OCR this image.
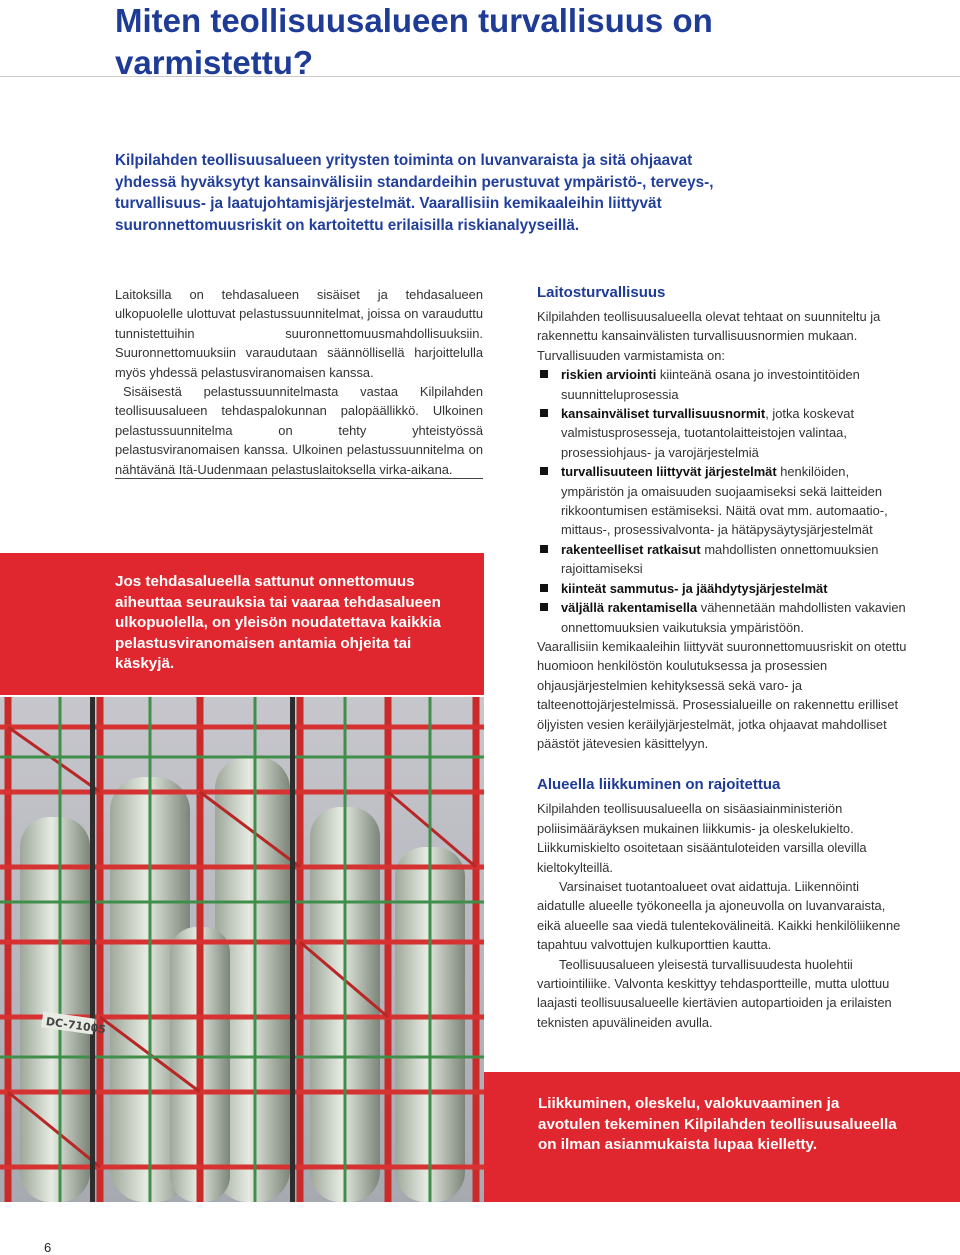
Miten teollisuusalueen turvallisuus on varmistettu?

Kilpilahden teollisuusalueen yritysten toiminta on luvanvaraista ja sitä ohjaavat yhdessä hyväksytyt kansainvälisiin standardeihin perustuvat ympäristö-, terveys-, turvallisuus- ja laatujohtamisjärjestelmät. Vaarallisiin kemikaaleihin liittyvät suuronnettomuusriskit on kartoitettu erilaisilla riskianalyyseillä.

Laitoksilla on tehdasalueen sisäiset ja tehdasalueen ulkopuolelle ulottuvat pelastussuunnitelmat, joissa on varauduttu tunnistettuihin suuronnettomuusmahdollisuuksiin. Suuronnettomuuksiin varaudutaan säännöllisellä harjoittelulla myös yhdessä pelastusviranomaisen kanssa.

Sisäisestä pelastussuunnitelmasta vastaa Kilpilahden teollisuusalueen tehdaspalokunnan palopäällikkö. Ulkoinen pelastussuunnitelma on tehty yhteistyössä pelastusviranomaisen kanssa. Ulkoinen pelastussuunnitelma on nähtävänä Itä-Uudenmaan pelastuslaitoksella virka-aikana.

Jos tehdasalueella sattunut onnettomuus aiheuttaa seurauksia tai vaaraa tehdasalueen ulkopuolella, on yleisön noudatettava kaikkia pelastusviranomaisen antamia ohjeita tai käskyjä.

DC-71005
Laitosturvallisuus

Kilpilahden teollisuusalueella olevat tehtaat on suunniteltu ja rakennettu kansainvälisten turvallisuusnormien mukaan. Turvallisuuden varmistamista on:

riskien arviointi kiinteänä osana jo investointitöiden suunnitteluprosessia
kansainväliset turvallisuusnormit, jotka koskevat valmistusprosesseja, tuotantolaitteistojen valintaa, prosessiohjaus- ja varojärjestelmiä
turvallisuuteen liittyvät järjestelmät henkilöiden, ympäristön ja omaisuuden suojaamiseksi sekä laitteiden rikkoontumisen estämiseksi. Näitä ovat mm. automaatio-, mittaus-, prosessivalvonta- ja hätäpysäytysjärjestelmät
rakenteelliset ratkaisut mahdollisten onnettomuuksien rajoittamiseksi
kiinteät sammutus- ja jäähdytysjärjestelmät
väljällä rakentamisella vähennetään mahdollisten vakavien onnettomuuksien vaikutuksia ympäristöön.

Vaarallisiin kemikaaleihin liittyvät suuronnettomuusriskit on otettu huomioon henkilöstön koulutuksessa ja prosessien ohjausjärjestelmien kehityksessä sekä varo- ja talteenottojärjestelmissä. Prosessialueille on rakennettu erilliset öljyisten vesien keräilyjärjestelmät, jotka ohjaavat mahdolliset päästöt jätevesien käsittelyyn.

Alueella liikkuminen on rajoitettua

Kilpilahden teollisuusalueella on sisäasiainministeriön poliisimääräyksen mukainen liikkumis- ja oleskelukielto. Liikkumiskielto osoitetaan sisääntuloteiden varsilla olevilla kieltokylteillä.

Varsinaiset tuotantoalueet ovat aidattuja. Liikennöinti aidatulle alueelle työkoneella ja ajoneuvolla on luvanvaraista, eikä alueelle saa viedä tulentekovälineitä. Kaikki henkilöliikenne tapahtuu valvottujen kulkuporttien kautta.

Teollisuusalueen yleisestä turvallisuudesta huolehtii vartiointiliike. Valvonta keskittyy tehdasportteille, mutta ulottuu laajasti teollisuusalueelle kiertävien autopartioiden ja erilaisten teknisten apuvälineiden avulla.

Liikkuminen, oleskelu, valokuvaaminen ja avotulen tekeminen Kilpilahden teollisuusalueella on ilman asianmukaista lupaa kielletty.

6
